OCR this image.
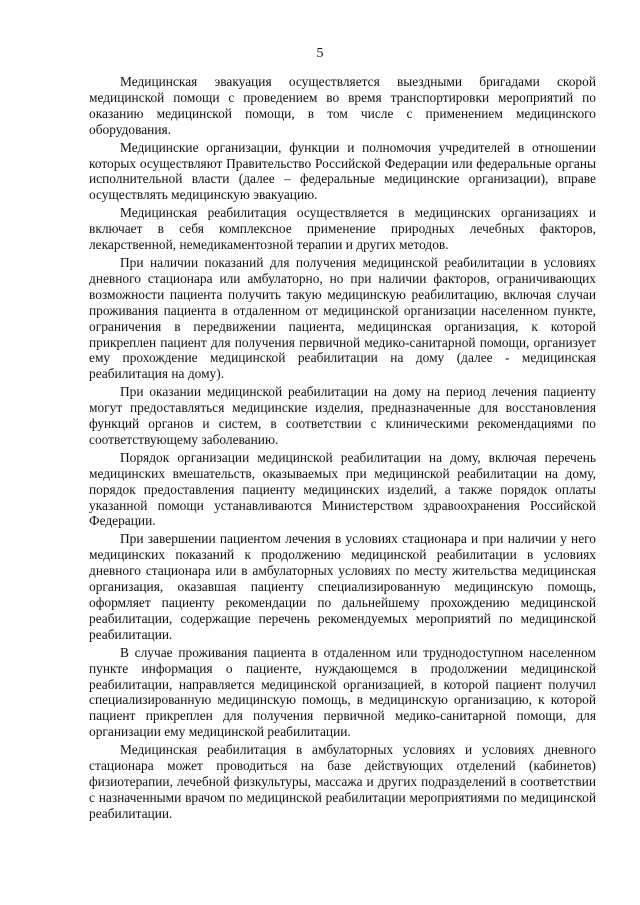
5

Медицинская эвакуация осуществляется выездными бригадами скорой медицинской помощи с проведением во время транспортировки мероприятий по оказанию медицинской помощи, в том числе с применением медицинского оборудования.

Медицинские организации, функции и полномочия учредителей в отношении которых осуществляют Правительство Российской Федерации или федеральные органы исполнительной власти (далее – федеральные медицинские организации), вправе осуществлять медицинскую эвакуацию.

Медицинская реабилитация осуществляется в медицинских организациях и включает в себя комплексное применение природных лечебных факторов, лекарственной, немедикаментозной терапии и других методов.

При наличии показаний для получения медицинской реабилитации в условиях дневного стационара или амбулаторно, но при наличии факторов, ограничивающих возможности пациента получить такую медицинскую реабилитацию, включая случаи проживания пациента в отдаленном от медицинской организации населенном пункте, ограничения в передвижении пациента, медицинская организация, к которой прикреплен пациент для получения первичной медико-санитарной помощи, организует ему прохождение медицинской реабилитации на дому (далее - медицинская реабилитация на дому).

При оказании медицинской реабилитации на дому на период лечения пациенту могут предоставляться медицинские изделия, предназначенные для восстановления функций органов и систем, в соответствии с клиническими рекомендациями по соответствующему заболеванию.

Порядок организации медицинской реабилитации на дому, включая перечень медицинских вмешательств, оказываемых при медицинской реабилитации на дому, порядок предоставления пациенту медицинских изделий, а также порядок оплаты указанной помощи устанавливаются Министерством здравоохранения Российской Федерации.

При завершении пациентом лечения в условиях стационара и при наличии у него медицинских показаний к продолжению медицинской реабилитации в условиях дневного стационара или в амбулаторных условиях по месту жительства медицинская организация, оказавшая пациенту специализированную медицинскую помощь, оформляет пациенту рекомендации по дальнейшему прохождению медицинской реабилитации, содержащие перечень рекомендуемых мероприятий по медицинской реабилитации.

В случае проживания пациента в отдаленном или труднодоступном населенном пункте информация о пациенте, нуждающемся в продолжении медицинской реабилитации, направляется медицинской организацией, в которой пациент получил специализированную медицинскую помощь, в медицинскую организацию, к которой пациент прикреплен для получения первичной медико-санитарной помощи, для организации ему медицинской реабилитации.

Медицинская реабилитация в амбулаторных условиях и условиях дневного стационара может проводиться на базе действующих отделений (кабинетов) физиотерапии, лечебной физкультуры, массажа и других подразделений в соответствии с назначенными врачом по медицинской реабилитации мероприятиями по медицинской реабилитации.
